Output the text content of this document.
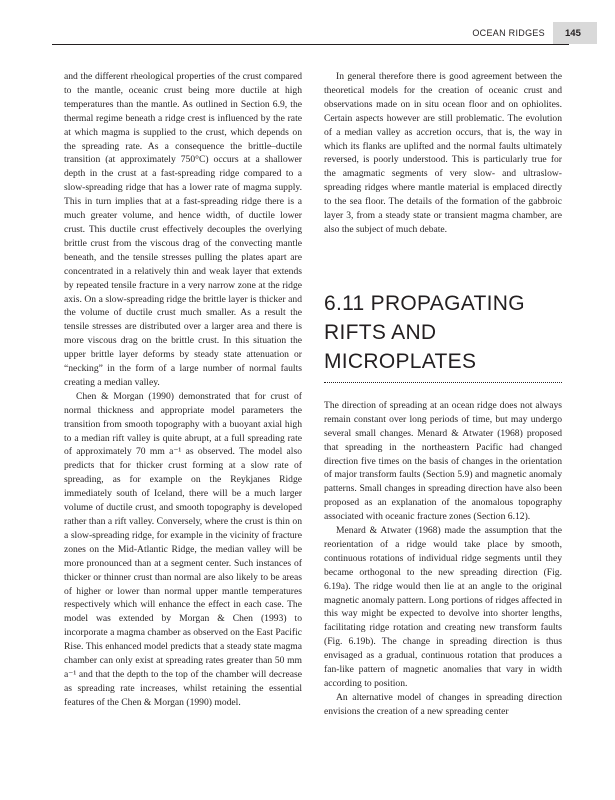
OCEAN RIDGES 145

and the different rheological properties of the crust compared to the mantle, oceanic crust being more ductile at high temperatures than the mantle. As outlined in Section 6.9, the thermal regime beneath a ridge crest is influenced by the rate at which magma is supplied to the crust, which depends on the spreading rate. As a consequence the brittle–ductile transition (at approximately 750°C) occurs at a shallower depth in the crust at a fast-spreading ridge compared to a slow-spreading ridge that has a lower rate of magma supply. This in turn implies that at a fast-spreading ridge there is a much greater volume, and hence width, of ductile lower crust. This ductile crust effectively decouples the overlying brittle crust from the viscous drag of the convecting mantle beneath, and the tensile stresses pulling the plates apart are concentrated in a relatively thin and weak layer that extends by repeated tensile fracture in a very narrow zone at the ridge axis. On a slow-spreading ridge the brittle layer is thicker and the volume of ductile crust much smaller. As a result the tensile stresses are distributed over a larger area and there is more viscous drag on the brittle crust. In this situation the upper brittle layer deforms by steady state attenuation or “necking” in the form of a large number of normal faults creating a median valley.

Chen & Morgan (1990) demonstrated that for crust of normal thickness and appropriate model parameters the transition from smooth topography with a buoyant axial high to a median rift valley is quite abrupt, at a full spreading rate of approximately 70 mm a⁻¹ as observed. The model also predicts that for thicker crust forming at a slow rate of spreading, as for example on the Reykjanes Ridge immediately south of Iceland, there will be a much larger volume of ductile crust, and smooth topography is developed rather than a rift valley. Conversely, where the crust is thin on a slow-spreading ridge, for example in the vicinity of fracture zones on the Mid-Atlantic Ridge, the median valley will be more pronounced than at a segment center. Such instances of thicker or thinner crust than normal are also likely to be areas of higher or lower than normal upper mantle temperatures respectively which will enhance the effect in each case. The model was extended by Morgan & Chen (1993) to incorporate a magma chamber as observed on the East Pacific Rise. This enhanced model predicts that a steady state magma chamber can only exist at spreading rates greater than 50 mm a⁻¹ and that the depth to the top of the chamber will decrease as spreading rate increases, whilst retaining the essential features of the Chen & Morgan (1990) model.

In general therefore there is good agreement between the theoretical models for the creation of oceanic crust and observations made on in situ ocean floor and on ophiolites. Certain aspects however are still problematic. The evolution of a median valley as accretion occurs, that is, the way in which its flanks are uplifted and the normal faults ultimately reversed, is poorly understood. This is particularly true for the amagmatic segments of very slow- and ultraslow-spreading ridges where mantle material is emplaced directly to the sea floor. The details of the formation of the gabbroic layer 3, from a steady state or transient magma chamber, are also the subject of much debate.

6.11 PROPAGATING RIFTS AND MICROPLATES

The direction of spreading at an ocean ridge does not always remain constant over long periods of time, but may undergo several small changes. Menard & Atwater (1968) proposed that spreading in the northeastern Pacific had changed direction five times on the basis of changes in the orientation of major transform faults (Section 5.9) and magnetic anomaly patterns. Small changes in spreading direction have also been proposed as an explanation of the anomalous topography associated with oceanic fracture zones (Section 6.12).

Menard & Atwater (1968) made the assumption that the reorientation of a ridge would take place by smooth, continuous rotations of individual ridge segments until they became orthogonal to the new spreading direction (Fig. 6.19a). The ridge would then lie at an angle to the original magnetic anomaly pattern. Long portions of ridges affected in this way might be expected to devolve into shorter lengths, facilitating ridge rotation and creating new transform faults (Fig. 6.19b). The change in spreading direction is thus envisaged as a gradual, continuous rotation that produces a fan-like pattern of magnetic anomalies that vary in width according to position.

An alternative model of changes in spreading direction envisions the creation of a new spreading center
